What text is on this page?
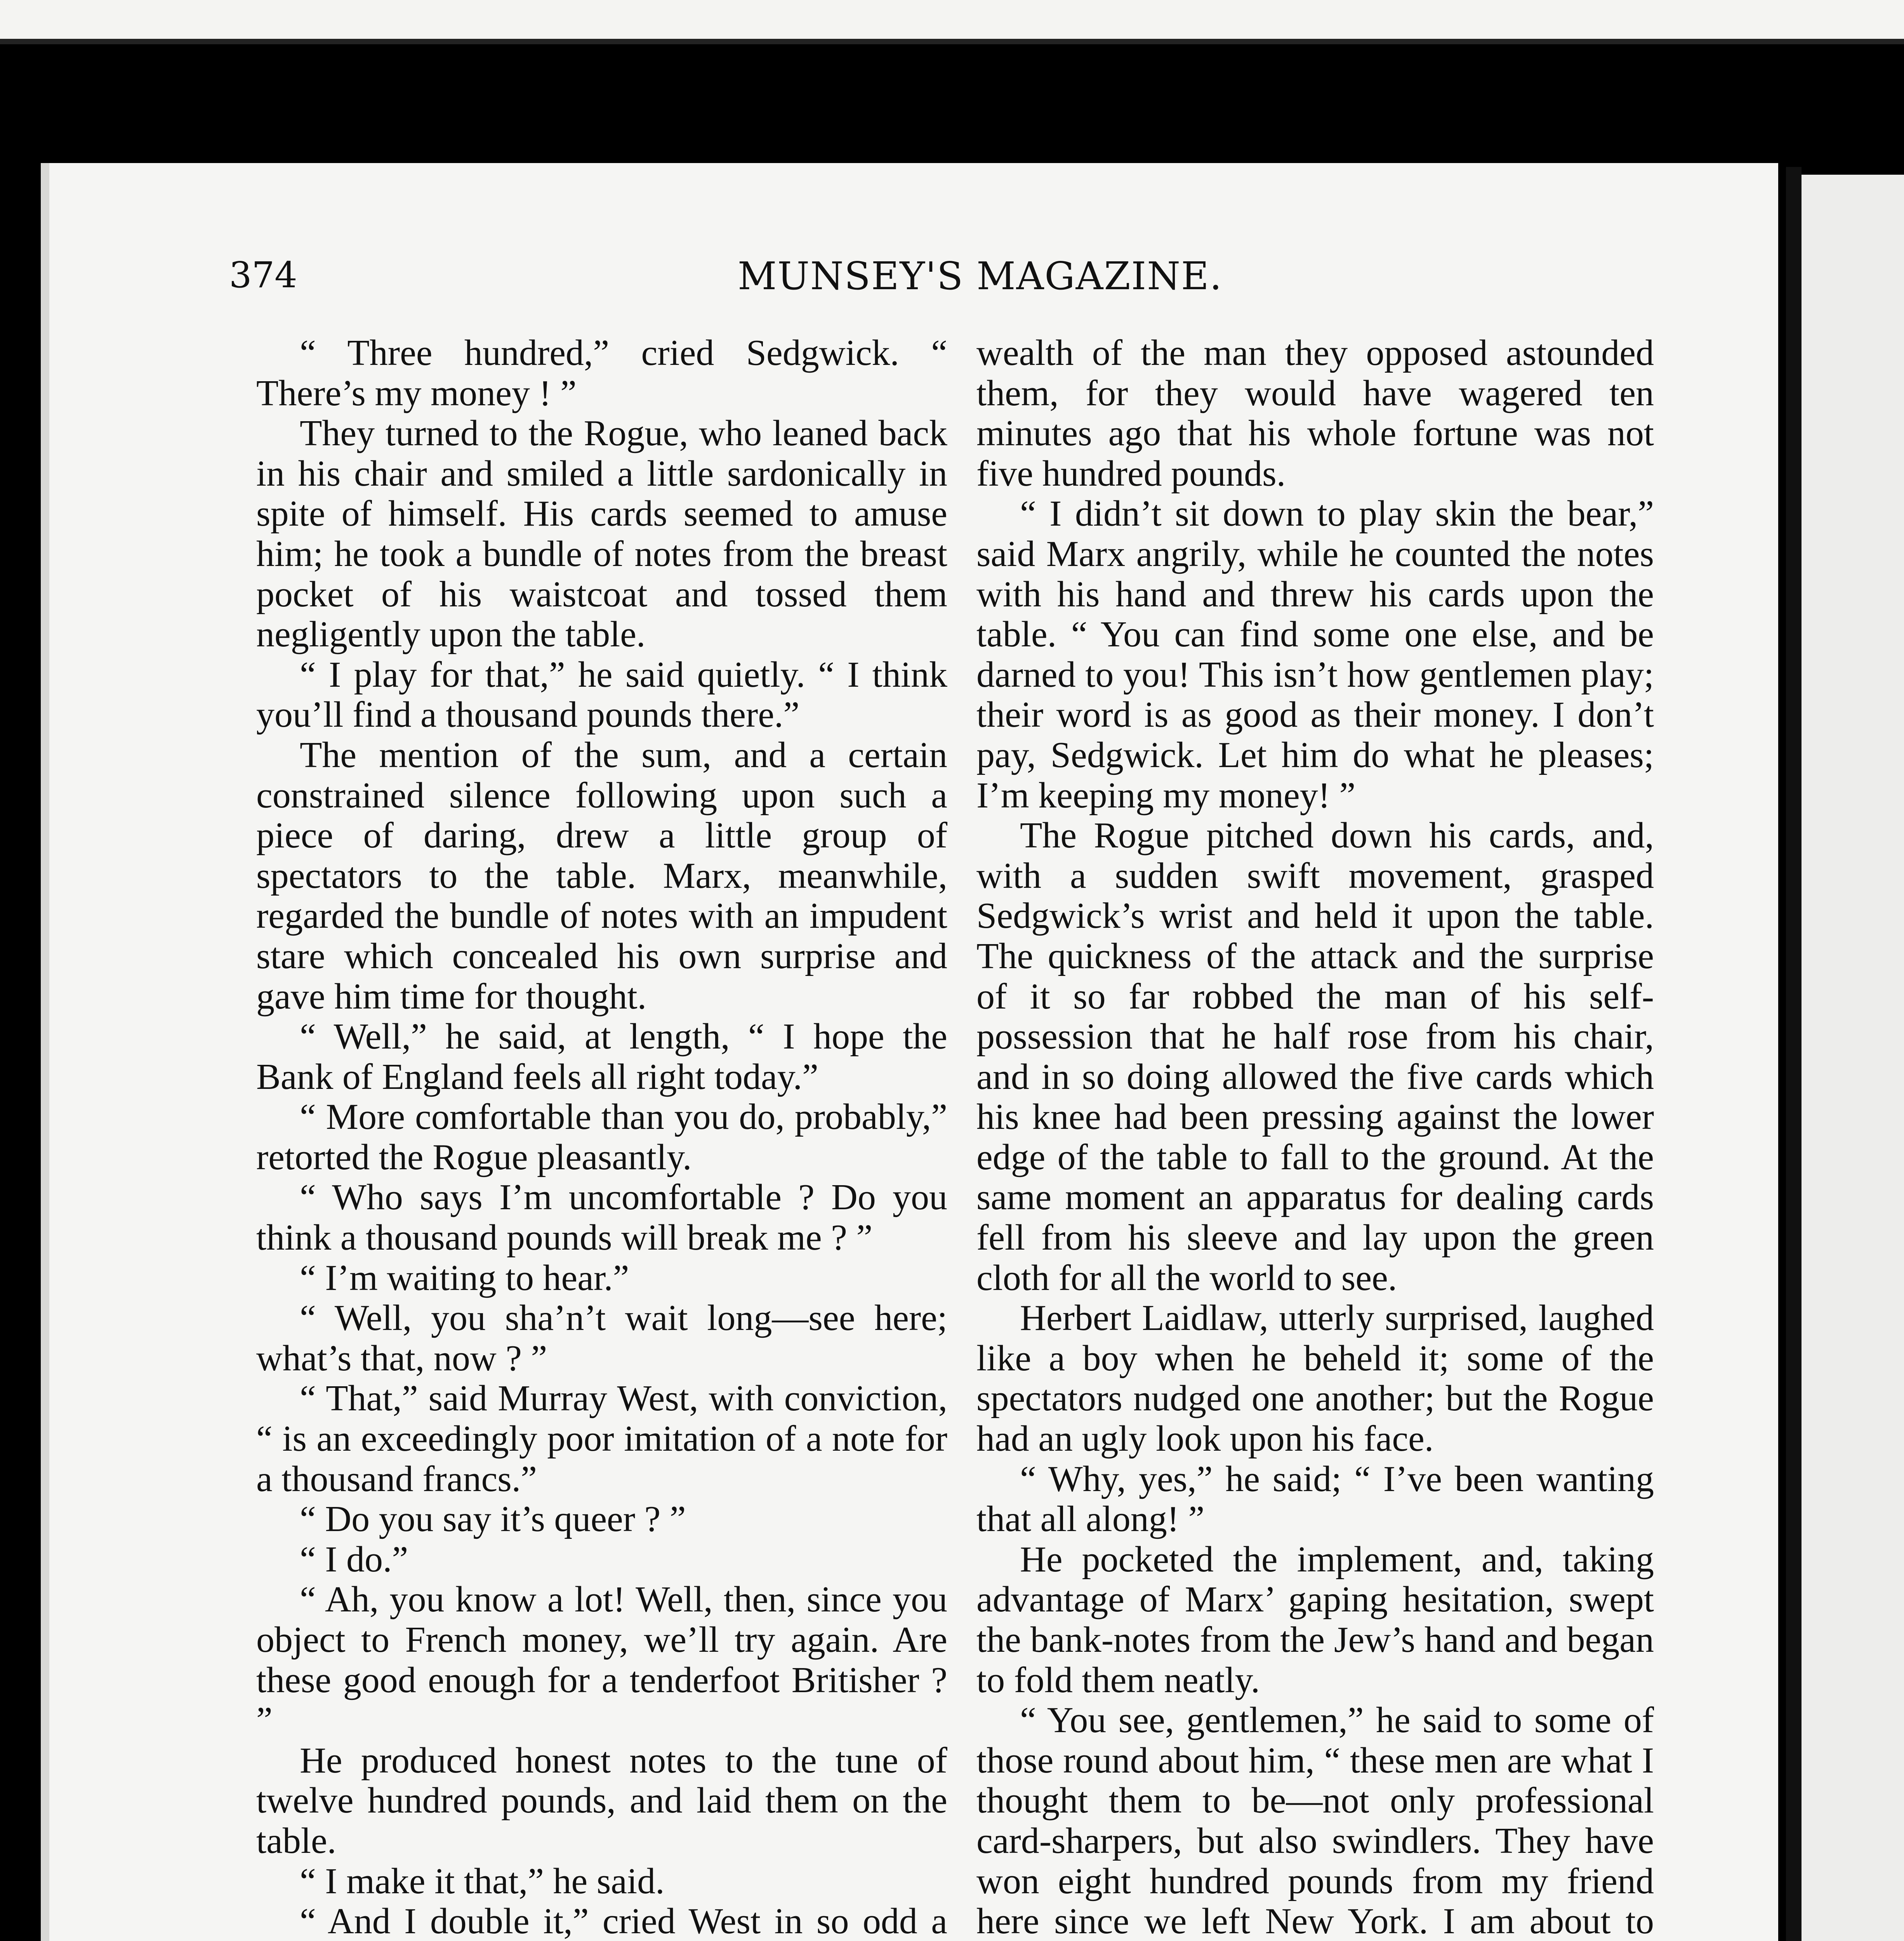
374	MUNSEY'S MAGAZINE.

“ Three hundred,” cried Sedgwick. “ There’s my money ! ”

They turned to the Rogue, who leaned back in his chair and smiled a little sardonically in spite of himself. His cards seemed to amuse him; he took a bundle of notes from the breast pocket of his waistcoat and tossed them negligently upon the table.

“ I play for that,” he said quietly. “ I think you’ll find a thousand pounds there.”

The mention of the sum, and a certain constrained silence following upon such a piece of daring, drew a little group of spectators to the table. Marx, meanwhile, regarded the bundle of notes with an impudent stare which concealed his own surprise and gave him time for thought.

“ Well,” he said, at length, “ I hope the Bank of England feels all right today.”

“ More comfortable than you do, probably,” retorted the Rogue pleasantly.

“ Who says I’m uncomfortable ? Do you think a thousand pounds will break me ? ”

“ I’m waiting to hear.”

“ Well, you sha’n’t wait long—see here; what’s that, now ? ”

“ That,” said Murray West, with conviction, “ is an exceedingly poor imitation of a note for a thousand francs.”

“ Do you say it’s queer ? ”

“ I do.”

“ Ah, you know a lot! Well, then, since you object to French money, we’ll try again. Are these good enough for a tenderfoot Britisher ? ”

He produced honest notes to the tune of twelve hundred pounds, and laid them on the table.

“ I make it that,” he said.

“ And I double it,” cried West in so odd a

wealth of the man they opposed astounded them, for they would have wagered ten minutes ago that his whole fortune was not five hundred pounds.

“ I didn’t sit down to play skin the bear,” said Marx angrily, while he counted the notes with his hand and threw his cards upon the table. “ You can find some one else, and be darned to you! This isn’t how gentlemen play; their word is as good as their money. I don’t pay, Sedgwick. Let him do what he pleases; I’m keeping my money! ”

The Rogue pitched down his cards, and, with a sudden swift movement, grasped Sedgwick’s wrist and held it upon the table. The quickness of the attack and the surprise of it so far robbed the man of his self-possession that he half rose from his chair, and in so doing allowed the five cards which his knee had been pressing against the lower edge of the table to fall to the ground. At the same moment an apparatus for dealing cards fell from his sleeve and lay upon the green cloth for all the world to see.

Herbert Laidlaw, utterly surprised, laughed like a boy when he beheld it; some of the spectators nudged one another; but the Rogue had an ugly look upon his face.

“ Why, yes,” he said; “ I’ve been wanting that all along! ”

He pocketed the implement, and, taking advantage of Marx’ gaping hesitation, swept the bank-notes from the Jew’s hand and began to fold them neatly.

“ You see, gentlemen,” he said to some of those round about him, “ these men are what I thought them to be—not only professional card-sharpers, but also swindlers. They have won eight hundred pounds from my friend here since we left New York. I am about to
